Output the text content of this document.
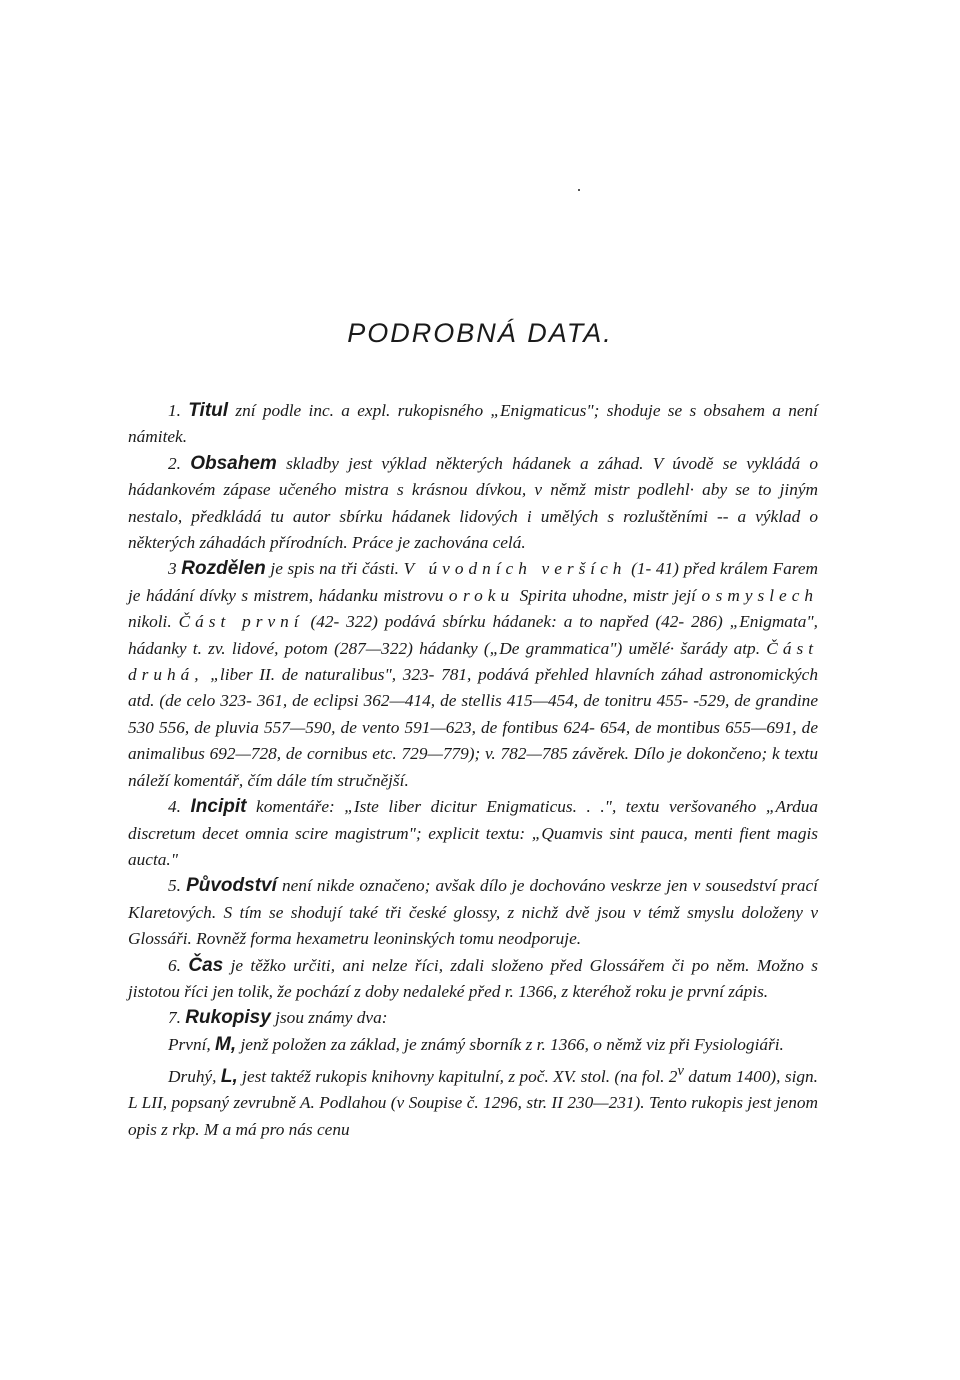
PODROBNÁ DATA.

1. Titul zní podle inc. a expl. rukopisného „Enigmaticus"; shoduje se s obsahem a není námitek.

2. Obsahem skladby jest výklad některých hádanek a záhad. V úvodě se vykládá o hádankovém zápase učeného mistra s krásnou dívkou, v němž mistr podlehl· aby se to jiným nestalo, předkládá tu autor sbírku hádanek lidových i umělých s rozluštěními -- a výklad o některých záhadách přírodních. Práce je zachována celá.

3 Rozdělen je spis na tři části. V úvodních verších (1- 41) před králem Farem je hádání dívky s mistrem, hádanku mistrovu o roku Spirita uhodne, mistr její o smyslech nikoli. Část první (42- 322) podává sbírku hádanek: a to napřed (42- 286) „Enigmata", hádanky t. zv. lidové, potom (287—322) hádanky („De grammatica") umělé· šarády atp. Část druhá, „liber II. de naturalibus", 323- 781, podává přehled hlavních záhad astronomických atd. (de celo 323- 361, de eclipsi 362—414, de stellis 415—454, de tonitru 455- -529, de grandine 530 556, de pluvia 557—590, de vento 591—623, de fontibus 624- 654, de montibus 655—691, de animalibus 692—728, de cornibus etc. 729—779); v. 782—785 závěrek. Dílo je dokončeno; k textu náleží komentář, čím dále tím stručnější.

4. Incipit komentáře: „Iste liber dicitur Enigmaticus. . .", textu veršovaného „Ardua discretum decet omnia scire magistrum"; explicit textu: „Quamvis sint pauca, menti fient magis aucta."

5. Původství není nikde označeno; avšak dílo je dochováno veskrze jen v sousedství prací Klaretových. S tím se shodují také tři české glossy, z nichž dvě jsou v témž smyslu doloženy v Glossáři. Rovněž forma hexametru leoninských tomu neodporuje.

6. Čas je těžko určiti, ani nelze říci, zdali složeno před Glossářem či po něm. Možno s jistotou říci jen tolik, že pochází z doby nedaleké před r. 1366, z kteréhož roku je první zápis.

7. Rukopisy jsou známy dva:

První, M, jenž položen za základ, je známý sborník z r. 1366, o němž viz při Fysiologiáři.

Druhý, L, jest taktéž rukopis knihovny kapitulní, z poč. XV. stol. (na fol. 2$^v$ datum 1400), sign. L LII, popsaný zevrubně A. Podlahou (v Soupise č. 1296, str. II 230—231). Tento rukopis jest jenom opis z rkp. M a má pro nás cenu
